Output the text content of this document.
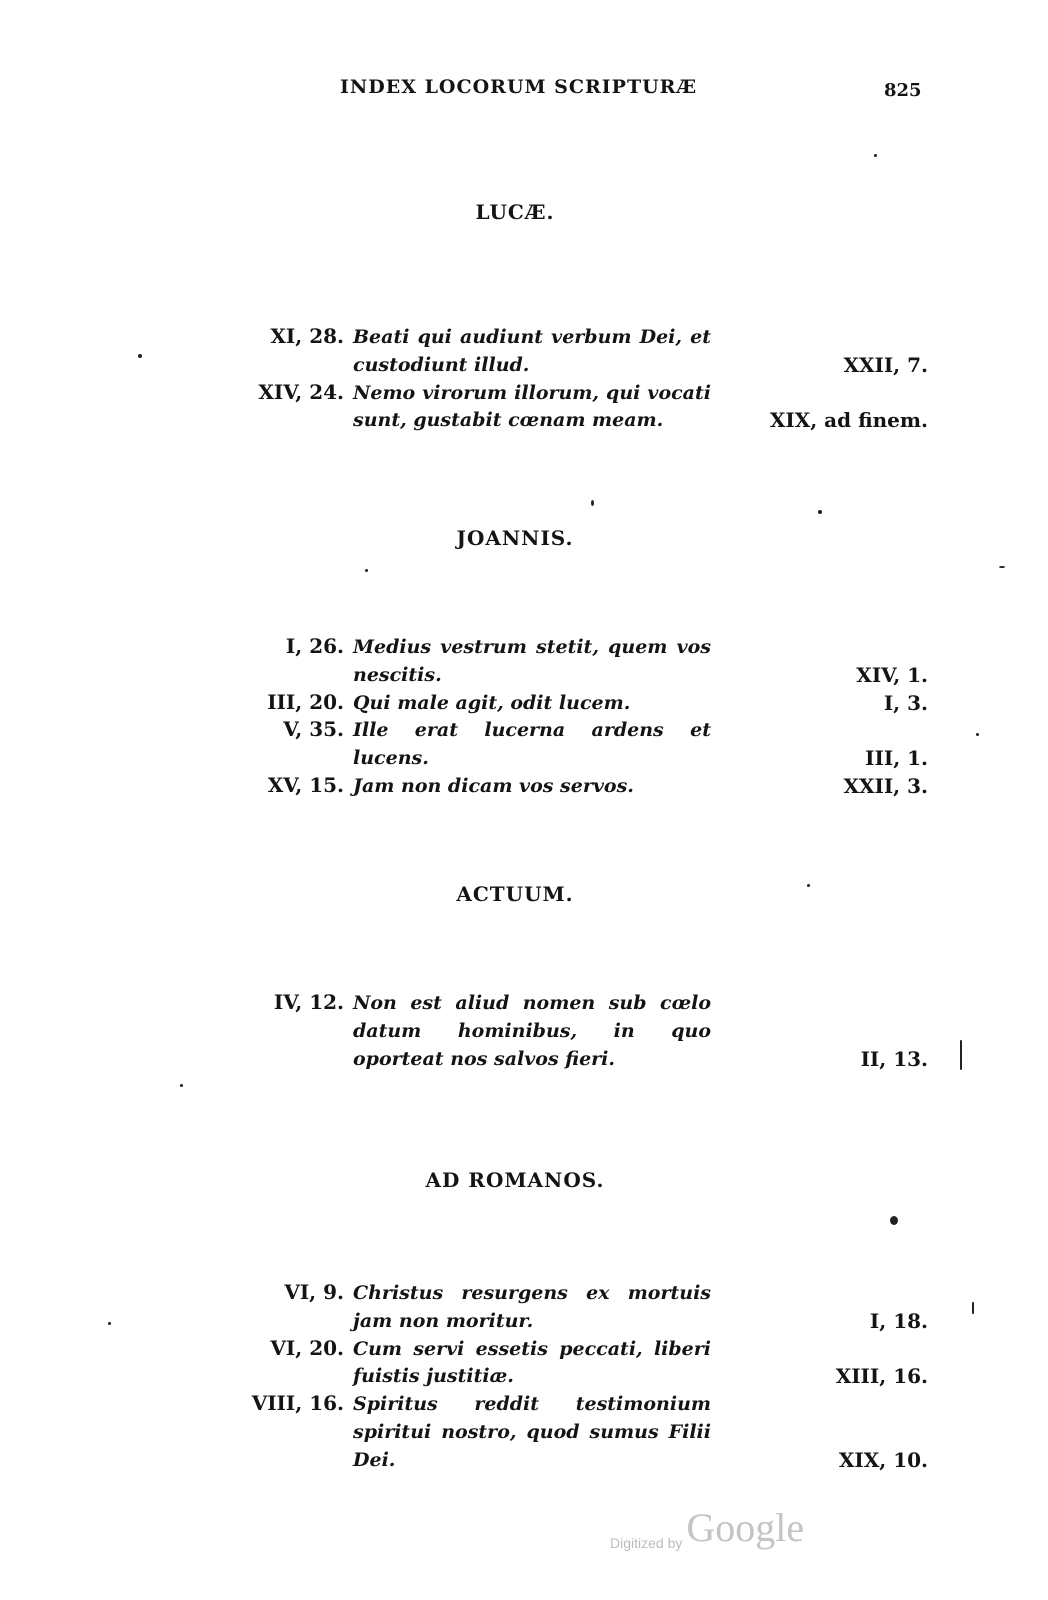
INDEX LOCORUM SCRIPTURÆ	825
LUCÆ.
XI, 28. Beati qui audiunt verbum Dei, et custodiunt illud.	XXII, 7.
XIV, 24. Nemo virorum illorum, qui vocati sunt, gustabit cœnam meam.	XIX, ad finem.
JOANNIS.
I, 26. Medius vestrum stetit, quem vos nescitis.	XIV, 1.
III, 20. Qui male agit, odit lucem.	I, 3.
V, 35. Ille erat lucerna ardens et lucens.	III, 1.
XV, 15. Jam non dicam vos servos.	XXII, 3.
ACTUUM.
IV, 12. Non est aliud nomen sub cœlo datum hominibus, in quo oporteat nos salvos fieri.	II, 13.
AD ROMANOS.
VI, 9. Christus resurgens ex mortuis jam non moritur.	I, 18.
VI, 20. Cum servi essetis peccati, liberi fuistis justitiæ.	XIII, 16.
VIII, 16. Spiritus reddit testimonium spiritui nostro, quod sumus Filii Dei.	XIX, 10.
Digitized by Google
